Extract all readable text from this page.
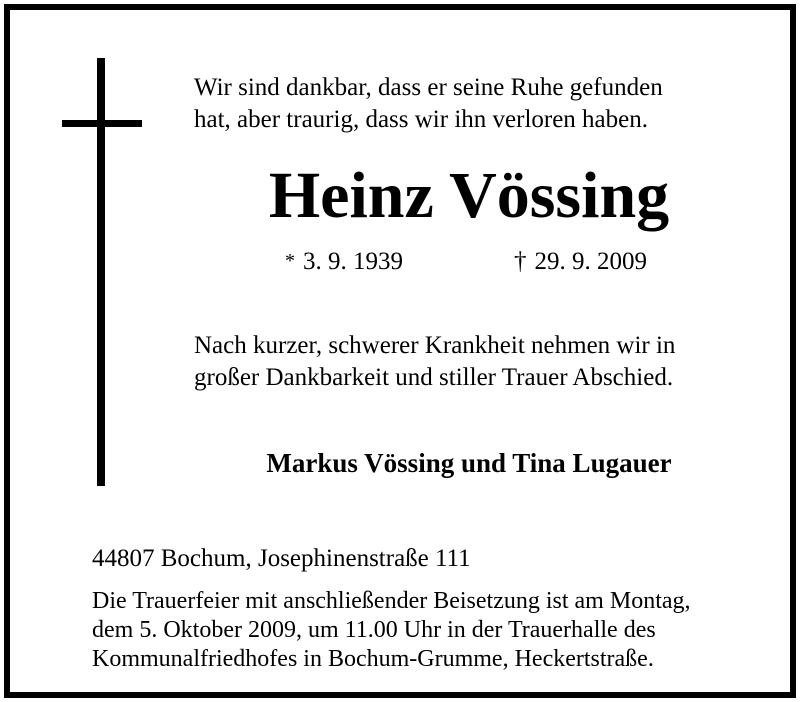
Wir sind dankbar, dass er seine Ruhe gefunden
hat, aber traurig, dass wir ihn verloren haben.
Heinz Vössing
* 3. 9. 1939	† 29. 9. 2009
Nach kurzer, schwerer Krankheit nehmen wir in
großer Dankbarkeit und stiller Trauer Abschied.
Markus Vössing und Tina Lugauer
44807 Bochum, Josephinenstraße 111
Die Trauerfeier mit anschließender Beisetzung ist am Montag,
dem 5. Oktober 2009, um 11.00 Uhr in der Trauerhalle des
Kommunalfriedhofes in Bochum-Grumme, Heckertstraße.
